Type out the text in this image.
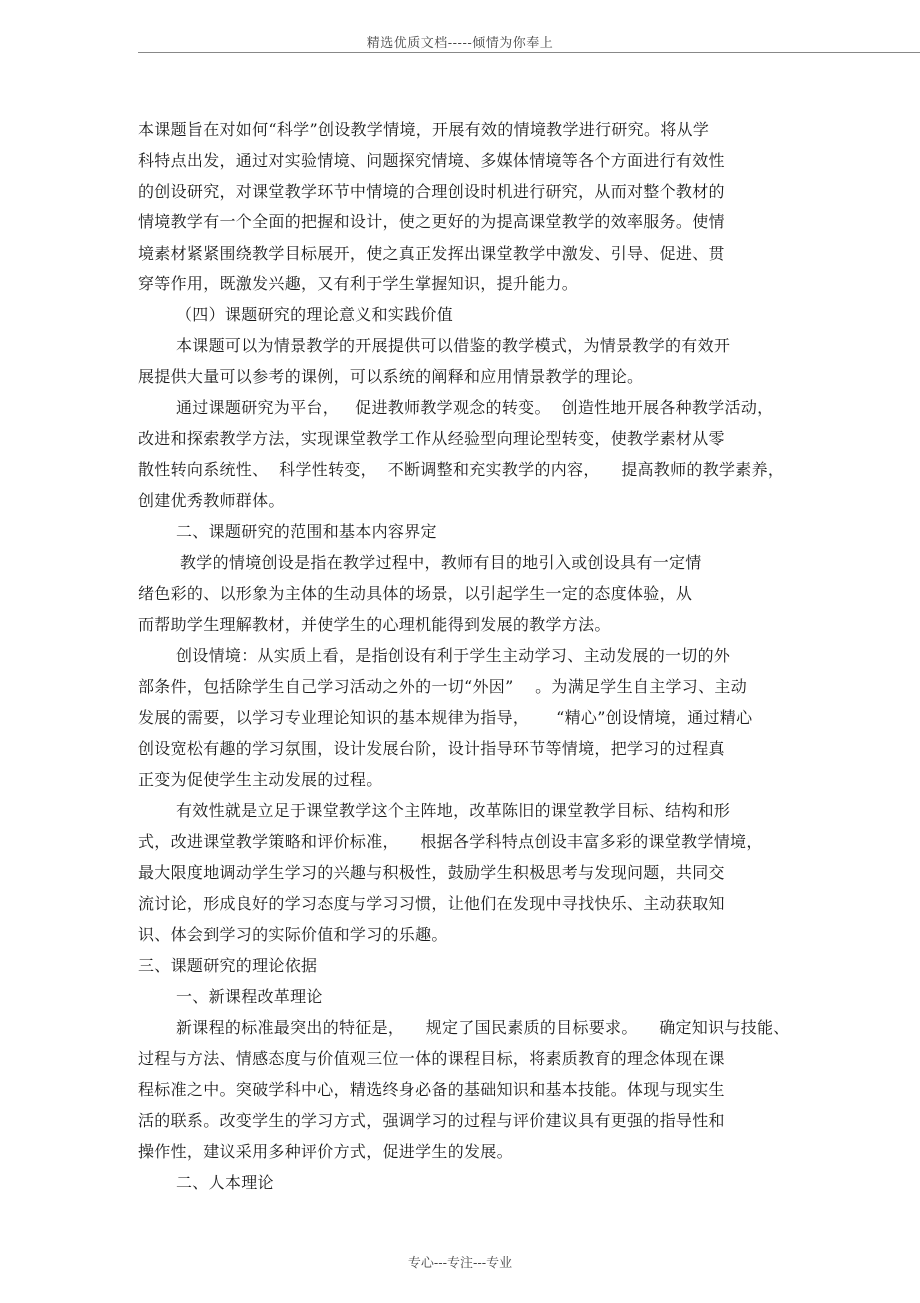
精选优质文档-----倾情为你奉上
本课题旨在对如何“科学”创设教学情境，开展有效的情境教学进行研究。将从学
科特点出发，通过对实验情境、问题探究情境、多媒体情境等各个方面进行有效性
的创设研究，对课堂教学环节中情境的合理创设时机进行研究，从而对整个教材的
情境教学有一个全面的把握和设计，使之更好的为提高课堂教学的效率服务。使情
境素材紧紧围绕教学目标展开，使之真正发挥出课堂教学中激发、引导、促进、贯
穿等作用，既激发兴趣，又有利于学生掌握知识，提升能力。
（四）课题研究的理论意义和实践价值
本课题可以为情景教学的开展提供可以借鉴的教学模式，为情景教学的有效开
展提供大量可以参考的课例，可以系统的阐释和应用情景教学的理论。
通过课题研究为平台，   促进教师教学观念的转变。  创造性地开展各种教学活动，
改进和探索教学方法，实现课堂教学工作从经验型向理论型转变，使教学素材从零
散性转向系统性、  科学性转变，  不断调整和充实教学的内容，    提高教师的教学素养，
创建优秀教师群体。
二、课题研究的范围和基本内容界定
教学的情境创设是指在教学过程中，教师有目的地引入或创设具有一定情
绪色彩的、以形象为主体的生动具体的场景，以引起学生一定的态度体验，从
而帮助学生理解教材，并使学生的心理机能得到发展的教学方法。
创设情境：从实质上看，是指创设有利于学生主动学习、主动发展的一切的外
部条件，包括除学生自己学习活动之外的一切“外因”    。为满足学生自主学习、主动
发展的需要，以学习专业理论知识的基本规律为指导，     “精心”创设情境，通过精心
创设宽松有趣的学习氛围，设计发展台阶，设计指导环节等情境，把学习的过程真
正变为促使学生主动发展的过程。
有效性就是立足于课堂教学这个主阵地，改革陈旧的课堂教学目标、结构和形
式，改进课堂教学策略和评价标准，    根据各学科特点创设丰富多彩的课堂教学情境，
最大限度地调动学生学习的兴趣与积极性，鼓励学生积极思考与发现问题，共同交
流讨论，形成良好的学习态度与学习习惯，让他们在发现中寻找快乐、主动获取知
识、体会到学习的实际价值和学习的乐趣。
三、课题研究的理论依据
一、新课程改革理论
新课程的标准最突出的特征是，    规定了国民素质的目标要求。    确定知识与技能、
过程与方法、情感态度与价值观三位一体的课程目标，将素质教育的理念体现在课
程标准之中。突破学科中心，精选终身必备的基础知识和基本技能。体现与现实生
活的联系。改变学生的学习方式，强调学习的过程与评价建议具有更强的指导性和
操作性，建议采用多种评价方式，促进学生的发展。
二、人本理论
专心---专注---专业
